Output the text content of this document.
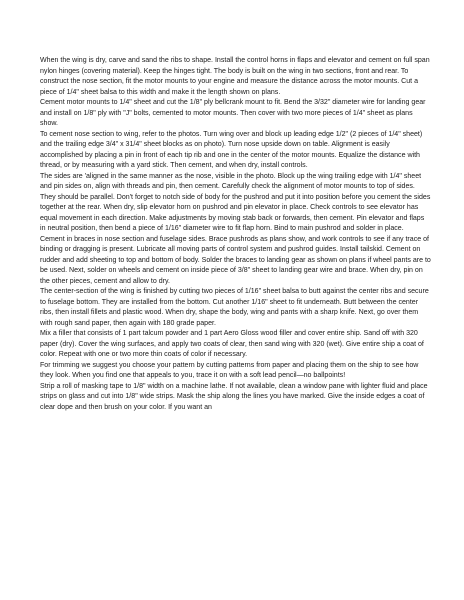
When the wing is dry, carve and sand the ribs to shape. Install the control horns in flaps and elevator and cement on full span nylon hinges (covering material). Keep the hinges tight. The body is built on the wing in two sections, front and rear. To construct the nose section, fit the motor mounts to your engine and measure the distance across the motor mounts. Cut a piece of 1/4" sheet balsa to this width and make it the length shown on plans.

Cement motor mounts to 1/4" sheet and cut the 1/8" ply bellcrank mount to fit. Bend the 3/32" diameter wire for landing gear and install on 1/8" ply with "J" bolts, cemented to motor mounts. Then cover with two more pieces of 1/4" sheet as plans show.

To cement nose section to wing, refer to the photos. Turn wing over and block up leading edge 1/2" (2 pieces of 1/4" sheet) and the trailing edge 3/4" x 31/4" sheet blocks as on photo). Turn nose upside down on table. Alignment is easily accomplished by placing a pin in front of each tip rib and one in the center of the motor mounts. Equalize the distance with thread, or by measuring with a yard stick. Then cement, and when dry, install controls.

The sides are 'aligned in the same manner as the nose, visible in the photo. Block up the wing trailing edge with 1/4" sheet and pin sides on, align with threads and pin, then cement. Carefully check the alignment of motor mounts to top of sides. They should be parallel. Don't forget to notch side of body for the pushrod and put it into position before you cement the sides together at the rear. When dry, slip elevator horn on pushrod and pin elevator in place. Check controls to see elevator has equal movement in each direction. Make adjustments by moving stab back or forwards, then cement. Pin elevator and flaps in neutral position, then bend a piece of 1/16" diameter wire to fit flap horn. Bind to main pushrod and solder in place.

Cement in braces in nose section and fuselage sides. Brace pushrods as plans show, and work controls to see if any trace of binding or dragging is present. Lubricate all moving parts of control system and pushrod guides. Install tailskid. Cement on rudder and add sheeting to top and bottom of body. Solder the braces to landing gear as shown on plans if wheel pants are to be used. Next, solder on wheels and cement on inside piece of 3/8" sheet to landing gear wire and brace. When dry, pin on the other pieces, cement and allow to dry.

The center-section of the wing is finished by cutting two pieces of 1/16" sheet balsa to butt against the center ribs and secure to fuselage bottom. They are installed from the bottom. Cut another 1/16" sheet to fit underneath. Butt between the center ribs, then install fillets and plastic wood. When dry, shape the body, wing and pants with a sharp knife. Next, go over them with rough sand paper, then again with 180 grade paper.

Mix a filler that consists of 1 part talcum powder and 1 part Aero Gloss wood filler and cover entire ship. Sand off with 320 paper (dry). Cover the wing surfaces, and apply two coats of clear, then sand wing with 320 (wet). Give entire ship a coat of color. Repeat with one or two more thin coats of color if necessary.

For trimming we suggest you choose your pattern by cutting patterns from paper and placing them on the ship to see how they look. When you find one that appeals to you, trace it on with a soft lead pencil—no ballpoints!

Strip a roll of masking tape to 1/8" width on a machine lathe. If not available, clean a window pane with lighter fluid and place strips on glass and cut into 1/8" wide strips. Mask the ship along the lines you have marked. Give the inside edges a coat of clear dope and then brush on your color. If you want an
